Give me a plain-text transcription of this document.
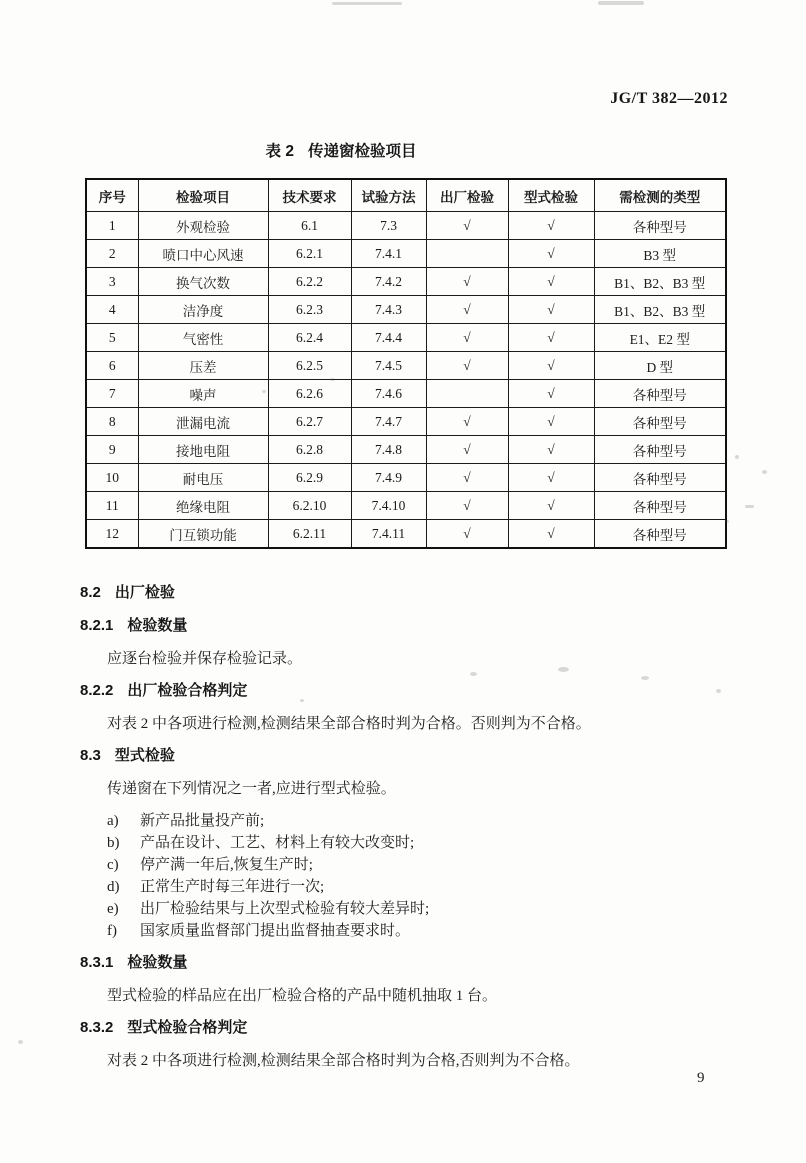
JG/T 382—2012
表 2 传递窗检验项目
序号	检验项目	技术要求	试验方法	出厂检验	型式检验	需检测的类型
1	外观检验	6.1	7.3	√	√	各种型号
2	喷口中心风速	6.2.1	7.4.1		√	B3 型
3	换气次数	6.2.2	7.4.2	√	√	B1、B2、B3 型
4	洁净度	6.2.3	7.4.3	√	√	B1、B2、B3 型
5	气密性	6.2.4	7.4.4	√	√	E1、E2 型
6	压差	6.2.5	7.4.5	√	√	D 型
7	噪声	6.2.6	7.4.6		√	各种型号
8	泄漏电流	6.2.7	7.4.7	√	√	各种型号
9	接地电阻	6.2.8	7.4.8	√	√	各种型号
10	耐电压	6.2.9	7.4.9	√	√	各种型号
11	绝缘电阻	6.2.10	7.4.10	√	√	各种型号
12	门互锁功能	6.2.11	7.4.11	√	√	各种型号
8.2 出厂检验
8.2.1 检验数量

应逐台检验并保存检验记录。

8.2.2 出厂检验合格判定

对表 2 中各项进行检测,检测结果全部合格时判为合格。否则判为不合格。

8.3 型式检验

传递窗在下列情况之一者,应进行型式检验。

a) 新产品批量投产前;
b) 产品在设计、工艺、材料上有较大改变时;
c) 停产满一年后,恢复生产时;
d) 正常生产时每三年进行一次;
e) 出厂检验结果与上次型式检验有较大差异时;
f) 国家质量监督部门提出监督抽查要求时。
8.3.1 检验数量

型式检验的样品应在出厂检验合格的产品中随机抽取 1 台。

8.3.2 型式检验合格判定

对表 2 中各项进行检测,检测结果全部合格时判为合格,否则判为不合格。

9
